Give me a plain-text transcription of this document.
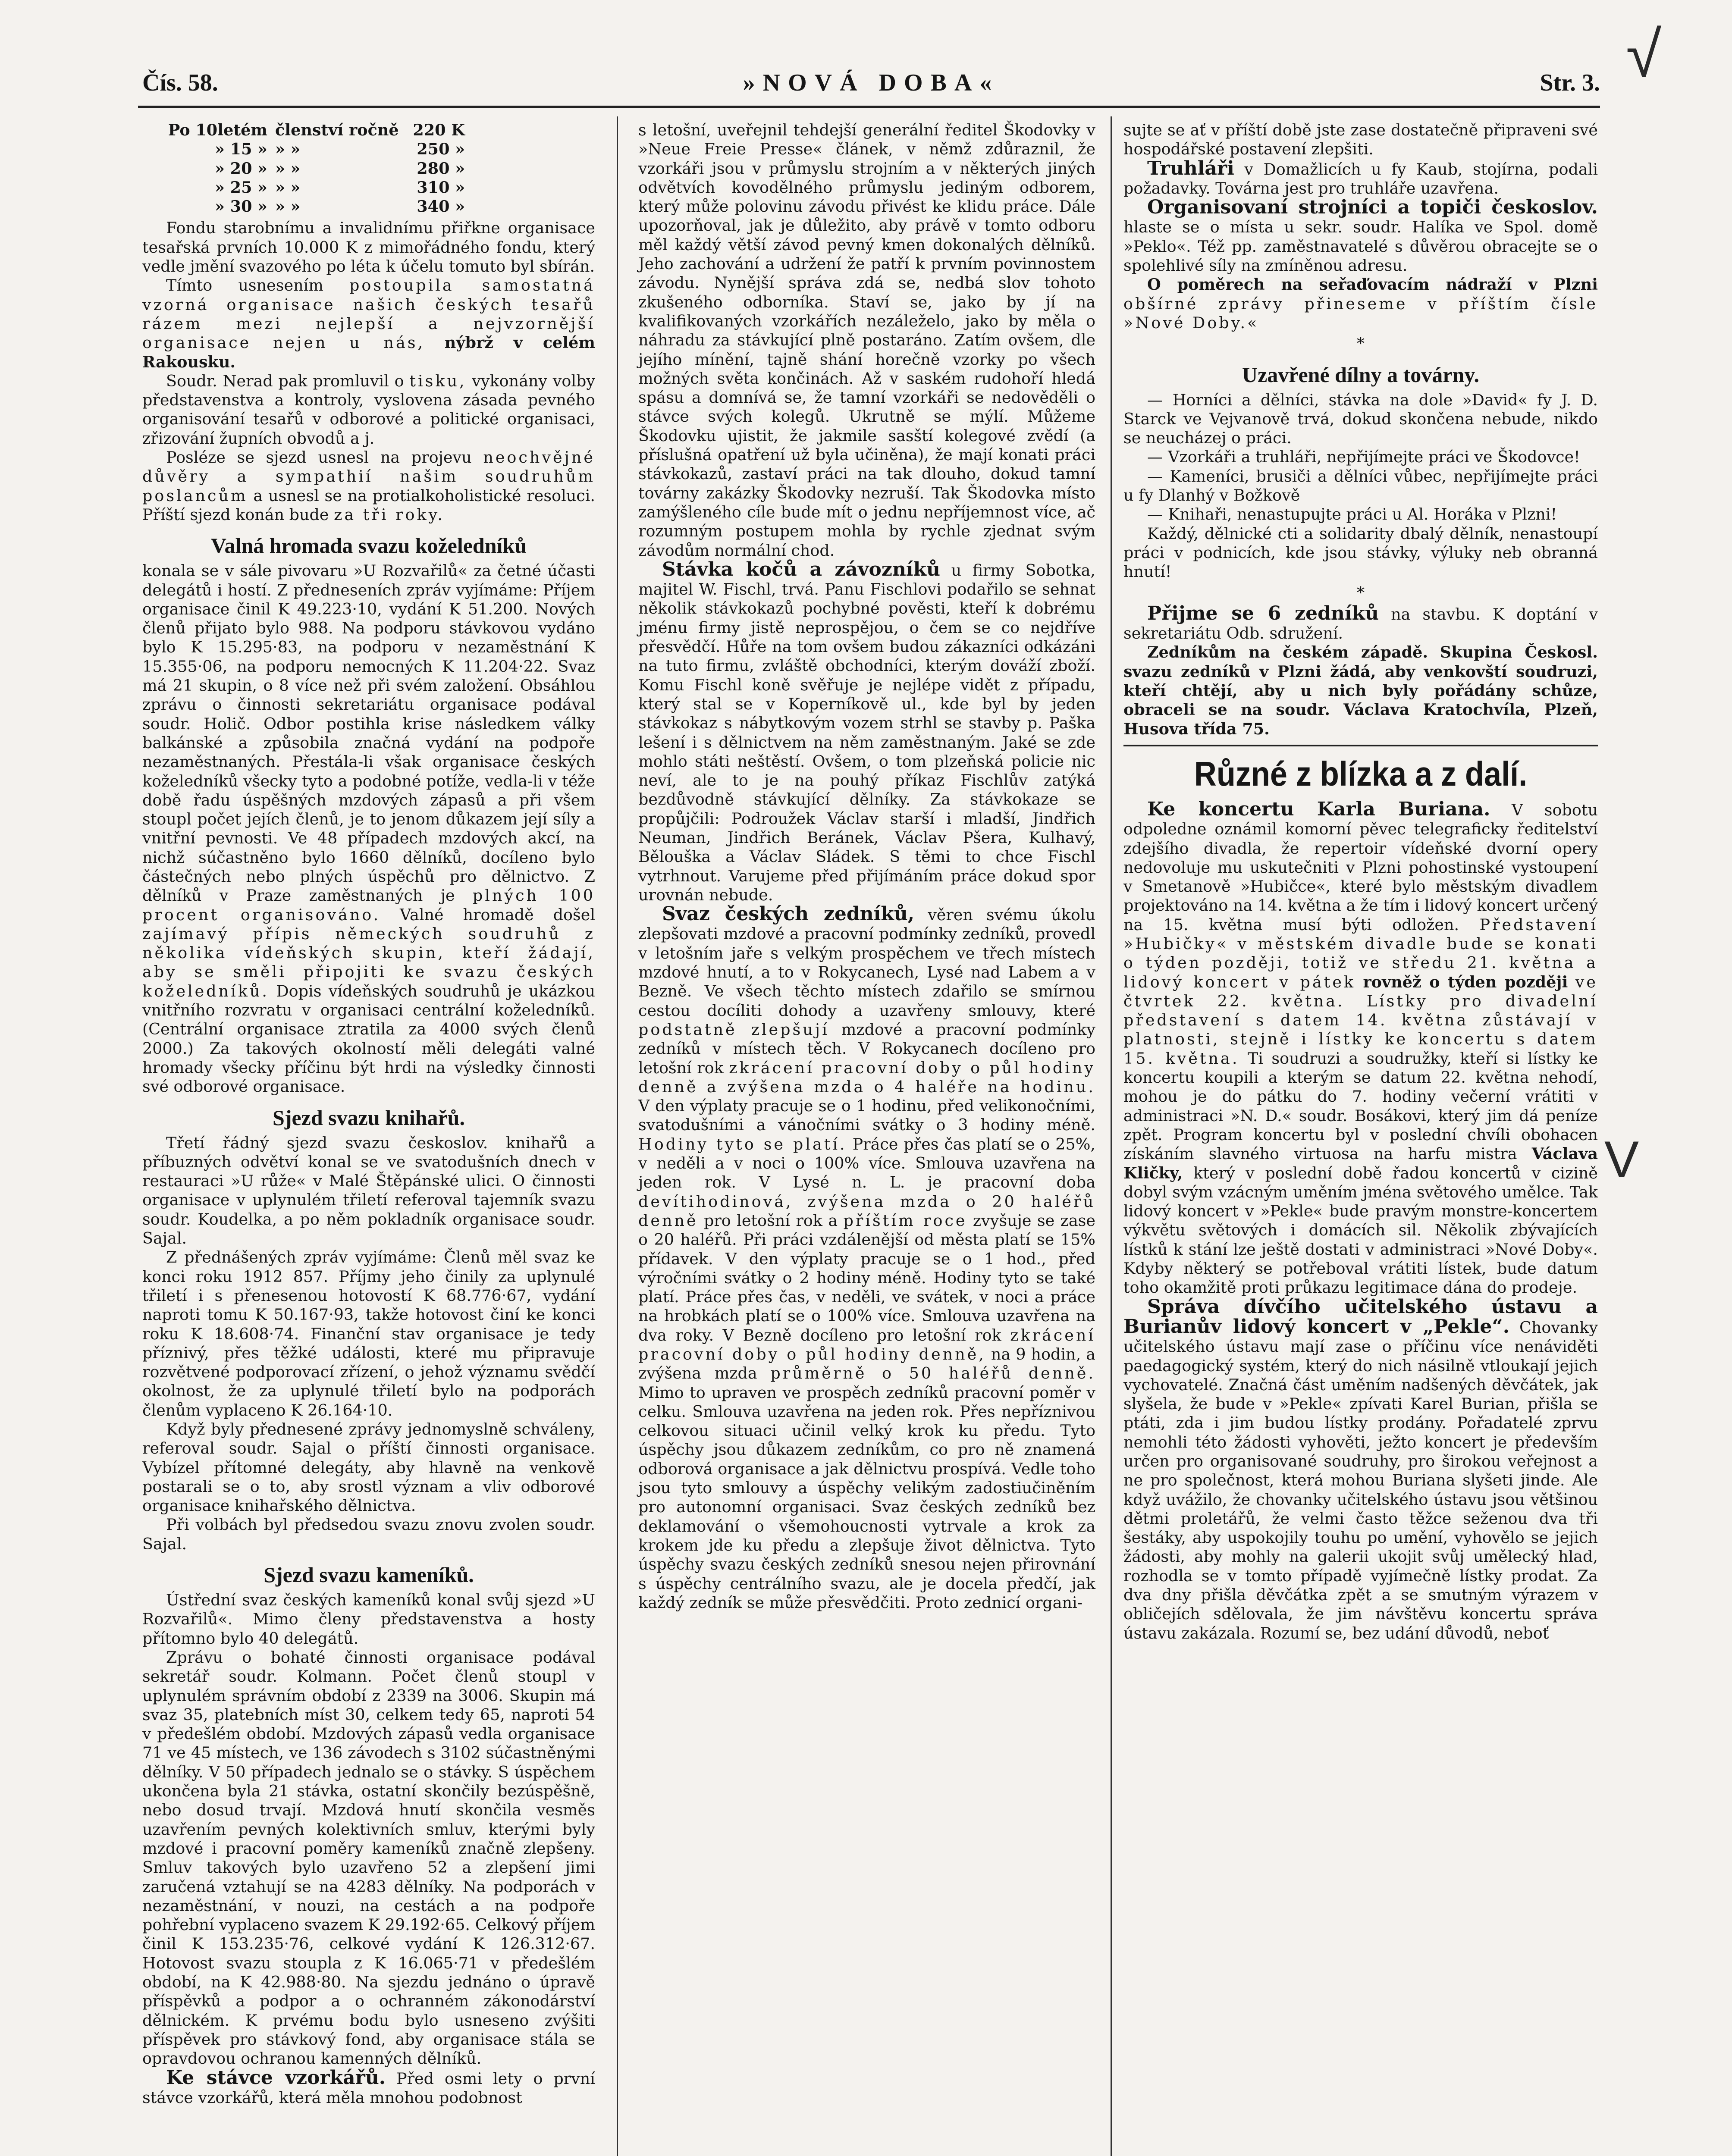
Čís. 58.	»NOVÁ DOBA«	Str. 3. √
V
Po 10letém členství ročně 220 K
» 15 » » »	250 »
» 20 » » »	280 »
» 25 » » »	310 »
» 30 » » »	340 »

Fondu starobnímu a invalidnímu přiřkne organisace tesařská prvních 10.000 K z mimořádného fondu, který vedle jmění svazového po léta k účelu tomuto byl sbírán.

Tímto usnesením postoupila samostatná vzorná organisace našich českých tesařů rázem mezi nejlepší a nejvzornější organisace nejen u nás, nýbrž v celém Rakousku.

Soudr. Nerad pak promluvil o tisku, vykonány volby představenstva a kontroly, vyslovena zásada pevného organisování tesařů v odborové a politické organisaci, zřizování župních obvodů a j.

Posléze se sjezd usnesl na projevu neochvějné důvěry a sympathií našim soudruhům poslancům a usnesl se na protialkoholistické resoluci. Příští sjezd konán bude za tři roky.

Valná hromada svazu koželedníků

konala se v sále pivovaru »U Rozvařilů« za četné účasti delegátů i hostí. Z předneseních zpráv vyjímáme: Příjem organisace činil K 49.223·10, vydání K 51.200. Nových členů přijato bylo 988. Na podporu stávkovou vydáno bylo K 15.295·83, na podporu v nezaměstnání K 15.355·06, na podporu nemocných K 11.204·22. Svaz má 21 skupin, o 8 více než při svém založení. Obsáhlou zprávu o činnosti sekretariátu organisace podával soudr. Holič. Odbor postihla krise následkem války balkánské a způsobila značná vydání na podpoře nezaměstnaných. Přestála-li však organisace českých koželedníků všecky tyto a podobné potíže, vedla-li v téže době řadu úspěšných mzdových zápasů a při všem stoupl počet jejích členů, je to jenom důkazem její síly a vnitřní pevnosti. Ve 48 případech mzdových akcí, na nichž súčastněno bylo 1660 dělníků, docíleno bylo částečných nebo plných úspěchů pro dělnictvo. Z dělníků v Praze zaměstnaných je plných 100 procent organisováno. Valné hromadě došel zajímavý přípis německých soudruhů z několika vídeňských skupin, kteří žádají, aby se směli připojiti ke svazu českých koželedníků. Dopis vídeňských soudruhů je ukázkou vnitřního rozvratu v organisaci centrální koželedníků. (Centrální organisace ztratila za 4000 svých členů 2000.) Za takových okolností měli delegáti valné hromady všecky příčinu být hrdi na výsledky činnosti své odborové organisace.

Sjezd svazu knihařů.

Třetí řádný sjezd svazu českoslov. knihařů a příbuzných odvětví konal se ve svatodušních dnech v restauraci »U růže« v Malé Štěpánské ulici. O činnosti organisace v uplynulém třiletí referoval tajemník svazu soudr. Koudelka, a po něm pokladník organisace soudr. Sajal.

Z přednášených zpráv vyjímáme: Členů měl svaz ke konci roku 1912 857. Příjmy jeho činily za uplynulé třiletí i s přenesenou hotovostí K 68.776·67, vydání naproti tomu K 50.167·93, takže hotovost činí ke konci roku K 18.608·74. Finanční stav organisace je tedy příznivý, přes těžké události, které mu připravuje rozvětvené podporovací zřízení, o jehož významu svědčí okolnost, že za uplynulé třiletí bylo na podporách členům vyplaceno K 26.164·10.

Když byly přednesené zprávy jednomyslně schváleny, referoval soudr. Sajal o příští činnosti organisace. Vybízel přítomné delegáty, aby hlavně na venkově postarali se o to, aby srostl význam a vliv odborové organisace knihařského dělnictva.

Při volbách byl předsedou svazu znovu zvolen soudr. Sajal.

Sjezd svazu kameníků.

Ústřední svaz českých kameníků konal svůj sjezd »U Rozvařilů«. Mimo členy představenstva a hosty přítomno bylo 40 delegátů.

Zprávu o bohaté činnosti organisace podával sekretář soudr. Kolmann. Počet členů stoupl v uplynulém správním období z 2339 na 3006. Skupin má svaz 35, platebních míst 30, celkem tedy 65, naproti 54 v předešlém období. Mzdových zápasů vedla organisace 71 ve 45 místech, ve 136 závodech s 3102 súčastněnými dělníky. V 50 případech jednalo se o stávky. S úspěchem ukončena byla 21 stávka, ostatní skončily bezúspěšně, nebo dosud trvají. Mzdová hnutí skončila vesměs uzavřením pevných kolektivních smluv, kterými byly mzdové i pracovní poměry kameníků značně zlepšeny. Smluv takových bylo uzavřeno 52 a zlepšení jimi zaručená vztahují se na 4283 dělníky. Na podporách v nezaměstnání, v nouzi, na cestách a na podpoře pohřební vyplaceno svazem K 29.192·65. Celkový příjem činil K 153.235·76, celkové vydání K 126.312·67. Hotovost svazu stoupla z K 16.065·71 v předešlém období, na K 42.988·80. Na sjezdu jednáno o úpravě příspěvků a podpor a o ochranném zákonodárství dělnickém. K prvému bodu bylo usneseno zvýšiti příspěvek pro stávkový fond, aby organisace stála se opravdovou ochranou kamenných dělníků.

Ke stávce vzorkářů. Před osmi lety o první stávce vzorkářů, která měla mnohou podobnost

s letošní, uveřejnil tehdejší generální ředitel Škodovky v »Neue Freie Presse« článek, v němž zdůraznil, že vzorkáři jsou v průmyslu strojním a v některých jiných odvětvích kovodělného průmyslu jediným odborem, který může polovinu závodu přivést ke klidu práce. Dále upozorňoval, jak je důležito, aby právě v tomto odboru měl každý větší závod pevný kmen dokonalých dělníků. Jeho zachování a udržení že patří k prvním povinnostem závodu. Nynější správa zdá se, nedbá slov tohoto zkušeného odborníka. Staví se, jako by jí na kvalifikovaných vzorkářích nezáleželo, jako by měla o náhradu za stávkující plně postaráno. Zatím ovšem, dle jejího mínění, tajně shání horečně vzorky po všech možných světa končinách. Až v saském rudohoří hledá spásu a domnívá se, že tamní vzorkáři se nedověděli o stávce svých kolegů. Ukrutně se mýlí. Můžeme Škodovku ujistit, že jakmile sasští kolegové zvědí (a příslušná opatření už byla učiněna), že mají konati práci stávkokazů, zastaví práci na tak dlouho, dokud tamní továrny zakázky Škodovky nezruší. Tak Škodovka místo zamýšleného cíle bude mít o jednu nepříjemnost více, ač rozumným postupem mohla by rychle zjednat svým závodům normální chod.

Stávka kočů a závozníků u firmy Sobotka, majitel W. Fischl, trvá. Panu Fischlovi podařilo se sehnat několik stávkokazů pochybné pověsti, kteří k dobrému jménu firmy jistě neprospějou, o čem se co nejdříve přesvědčí. Hůře na tom ovšem budou zákazníci odkázáni na tuto firmu, zvláště obchodníci, kterým dováží zboží. Komu Fischl koně svěřuje je nejlépe vidět z případu, který stal se v Koperníkově ul., kde byl by jeden stávkokaz s nábytkovým vozem strhl se stavby p. Paška lešení i s dělnictvem na něm zaměstnaným. Jaké se zde mohlo státi neštěstí. Ovšem, o tom plzeňská policie nic neví, ale to je na pouhý příkaz Fischlův zatýká bezdůvodně stávkující dělníky. Za stávkokaze se propůjčili: Podroužek Václav starší i mladší, Jindřich Neuman, Jindřich Beránek, Václav Pšera, Kulhavý, Bělouška a Václav Sládek. S těmi to chce Fischl vytrhnout. Varujeme před přijímáním práce dokud spor urovnán nebude.

Svaz českých zedníků, věren svému úkolu zlepšovati mzdové a pracovní podmínky zedníků, provedl v letošním jaře s velkým prospěchem ve třech místech mzdové hnutí, a to v Rokycanech, Lysé nad Labem a v Bezně. Ve všech těchto místech zdařilo se smírnou cestou docíliti dohody a uzavřeny smlouvy, které podstatně zlepšují mzdové a pracovní podmínky zedníků v místech těch. V Rokycanech docíleno pro letošní rok zkrácení pracovní doby o půl hodiny denně a zvýšena mzda o 4 haléře na hodinu. V den výplaty pracuje se o 1 hodinu, před velikonočními, svatodušními a vánočními svátky o 3 hodiny méně. Hodiny tyto se platí. Práce přes čas platí se o 25%, v neděli a v noci o 100% více. Smlouva uzavřena na jeden rok. V Lysé n. L. je pracovní doba devítihodinová, zvýšena mzda o 20 haléřů denně pro letošní rok a příštím roce zvyšuje se zase o 20 haléřů. Při práci vzdálenější od města platí se 15% přídavek. V den výplaty pracuje se o 1 hod., před výročními svátky o 2 hodiny méně. Hodiny tyto se také platí. Práce přes čas, v neděli, ve svátek, v noci a práce na hrobkách platí se o 100% více. Smlouva uzavřena na dva roky. V Bezně docíleno pro letošní rok zkrácení pracovní doby o půl hodiny denně, na 9 hodin, a zvýšena mzda průměrně o 50 haléřů denně. Mimo to upraven ve prospěch zedníků pracovní poměr v celku. Smlouva uzavřena na jeden rok. Přes nepříznivou celkovou situaci učinil velký krok ku předu. Tyto úspěchy jsou důkazem zedníkům, co pro ně znamená odborová organisace a jak dělnictvu prospívá. Vedle toho jsou tyto smlouvy a úspěchy velikým zadostiučiněním pro autonomní organisaci. Svaz českých zedníků bez deklamování o všemohoucnosti vytrvale a krok za krokem jde ku předu a zlepšuje život dělnictva. Tyto úspěchy svazu českých zedníků snesou nejen přirovnání s úspěchy centrálního svazu, ale je docela předčí, jak každý zedník se může přesvědčiti. Proto zednicí organi-

sujte se ať v příští době jste zase dostatečně připraveni své hospodářské postavení zlepšiti.

Truhláři v Domažlicích u fy Kaub, stojírna, podali požadavky. Továrna jest pro truhláře uzavřena.

Organisovaní strojníci a topiči českoslov. hlaste se o místa u sekr. soudr. Halíka ve Spol. domě »Peklo«. Též pp. zaměstnavatelé s důvěrou obracejte se o spolehlivé síly na zmíněnou adresu.

O poměrech na seřaďovacím nádraží v Plzni obšírné zprávy přineseme v příštím čísle »Nové Doby.«

*
Uzavřené dílny a továrny.

— Horníci a dělníci, stávka na dole »David« fy J. D. Starck ve Vejvanově trvá, dokud skončena nebude, nikdo se neucházej o práci.

— Vzorkáři a truhláři, nepřijímejte práci ve Škodovce!

— Kameníci, brusiči a dělníci vůbec, nepřijímejte práci u fy Dlanhý v Božkově

— Knihaři, nenastupujte práci u Al. Horáka v Plzni!

Každý, dělnické cti a solidarity dbalý dělník, nenastoupí práci v podnicích, kde jsou stávky, výluky neb obranná hnutí!

*

Přijme se 6 zedníků na stavbu. K doptání v sekretariátu Odb. sdružení.

Zedníkům na českém západě. Skupina Českosl. svazu zedníků v Plzni žádá, aby venkovští soudruzi, kteří chtějí, aby u nich byly pořádány schůze, obraceli se na soudr. Václava Kratochvíla, Plzeň, Husova třída 75.

Různé z blízka a z dalí.

Ke koncertu Karla Buriana. V sobotu odpoledne oznámil komorní pěvec telegraficky ředitelství zdejšího divadla, že repertoir vídeňské dvorní opery nedovoluje mu uskutečniti v Plzni pohostinské vystoupení v Smetanově »Hubičce«, které bylo městským divadlem projektováno na 14. května a že tím i lidový koncert určený na 15. května musí býti odložen. Představení »Hubičky« v městském divadle bude se konati o týden později, totiž ve středu 21. května a lidový koncert v pátek rovněž o týden později ve čtvrtek 22. května. Lístky pro divadelní představení s datem 14. května zůstávají v platnosti, stejně i lístky ke koncertu s datem 15. května. Ti soudruzi a soudružky, kteří si lístky ke koncertu koupili a kterým se datum 22. května nehodí, mohou je do pátku do 7. hodiny večerní vrátiti v administraci »N. D.« soudr. Bosákovi, který jim dá peníze zpět. Program koncertu byl v poslední chvíli obohacen získáním slavného virtuosa na harfu mistra Václava Kličky, který v poslední době řadou koncertů v cizině dobyl svým vzácným uměním jména světového umělce. Tak lidový koncert v »Pekle« bude pravým monstre-koncertem výkvětu světových i domácích sil. Několik zbývajících lístků k stání lze ještě dostati v administraci »Nové Doby«. Kdyby některý se potřeboval vrátiti lístek, bude datum toho okamžitě proti průkazu legitimace dána do prodeje.

Správa dívčího učitelského ústavu a Burianův lidový koncert v „Pekle“. Chovanky učitelského ústavu mají zase o příčinu více nenáviděti paedagogický systém, který do nich násilně vtloukají jejich vychovatelé. Značná část uměním nadšených děvčátek, jak slyšela, že bude v »Pekle« zpívati Karel Burian, přišla se ptáti, zda i jim budou lístky prodány. Pořadatelé zprvu nemohli této žádosti vyhověti, ježto koncert je především určen pro organisované soudruhy, pro širokou veřejnost a ne pro společnost, která mohou Buriana slyšeti jinde. Ale když uvážilo, že chovanky učitelského ústavu jsou většinou dětmi proletářů, že velmi často těžce seženou dva tři šestáky, aby uspokojily touhu po umění, vyhovělo se jejich žádosti, aby mohly na galerii ukojit svůj umělecký hlad, rozhodla se v tomto případě vyjímečně lístky prodat. Za dva dny přišla děvčátka zpět a se smutným výrazem v obličejích sdělovala, že jim návštěvu koncertu správa ústavu zakázala. Rozumí se, bez udání důvodů, neboť
